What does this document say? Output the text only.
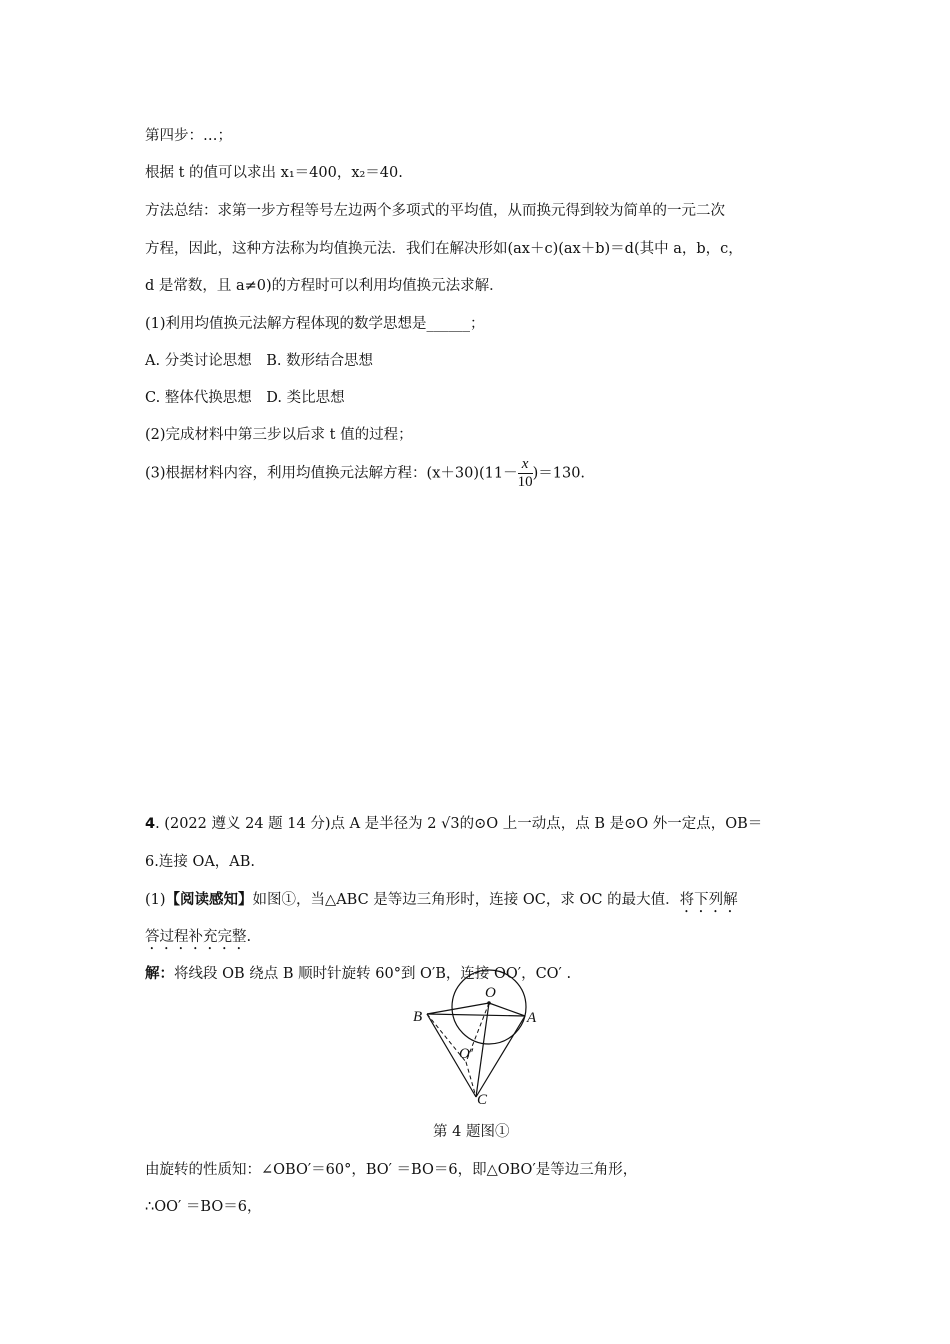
第四步：…；
根据 t 的值可以求出 x₁＝400，x₂＝40.
方法总结：求第一步方程等号左边两个多项式的平均值，从而换元得到较为简单的一元二次
方程，因此，这种方法称为均值换元法．我们在解决形如(ax＋c)(ax＋b)＝d(其中 a，b，c，
d 是常数，且 a≠0)的方程时可以利用均值换元法求解．
(1)利用均值换元法解方程体现的数学思想是______；
A. 分类讨论思想　B. 数形结合思想
C. 整体代换思想　D. 类比思想
(2)完成材料中第三步以后求 t 值的过程；
(3)根据材料内容，利用均值换元法解方程：$(x+30)(11- \frac{x}{10} )=130$.
4. (2022 遵义 24 题 14 分)点 A 是半径为 2 √3的⊙O 上一动点，点 B 是⊙O 外一定点，OB＝
6.连接 OA，AB.
(1)【阅读感知】如图①，当△ABC 是等边三角形时，连接 OC，求 OC 的最大值．将下列解
答过程补充完整.
解：将线段 OB 绕点 B 顺时针旋转 60°到 O′B，连接 OO′，CO′ .
O
B	A
C
O′
第 4 题图①
由旋转的性质知：∠OBO′＝60°，BO′ ＝BO＝6，即△OBO′是等边三角形，
∴OO′ ＝BO＝6，
